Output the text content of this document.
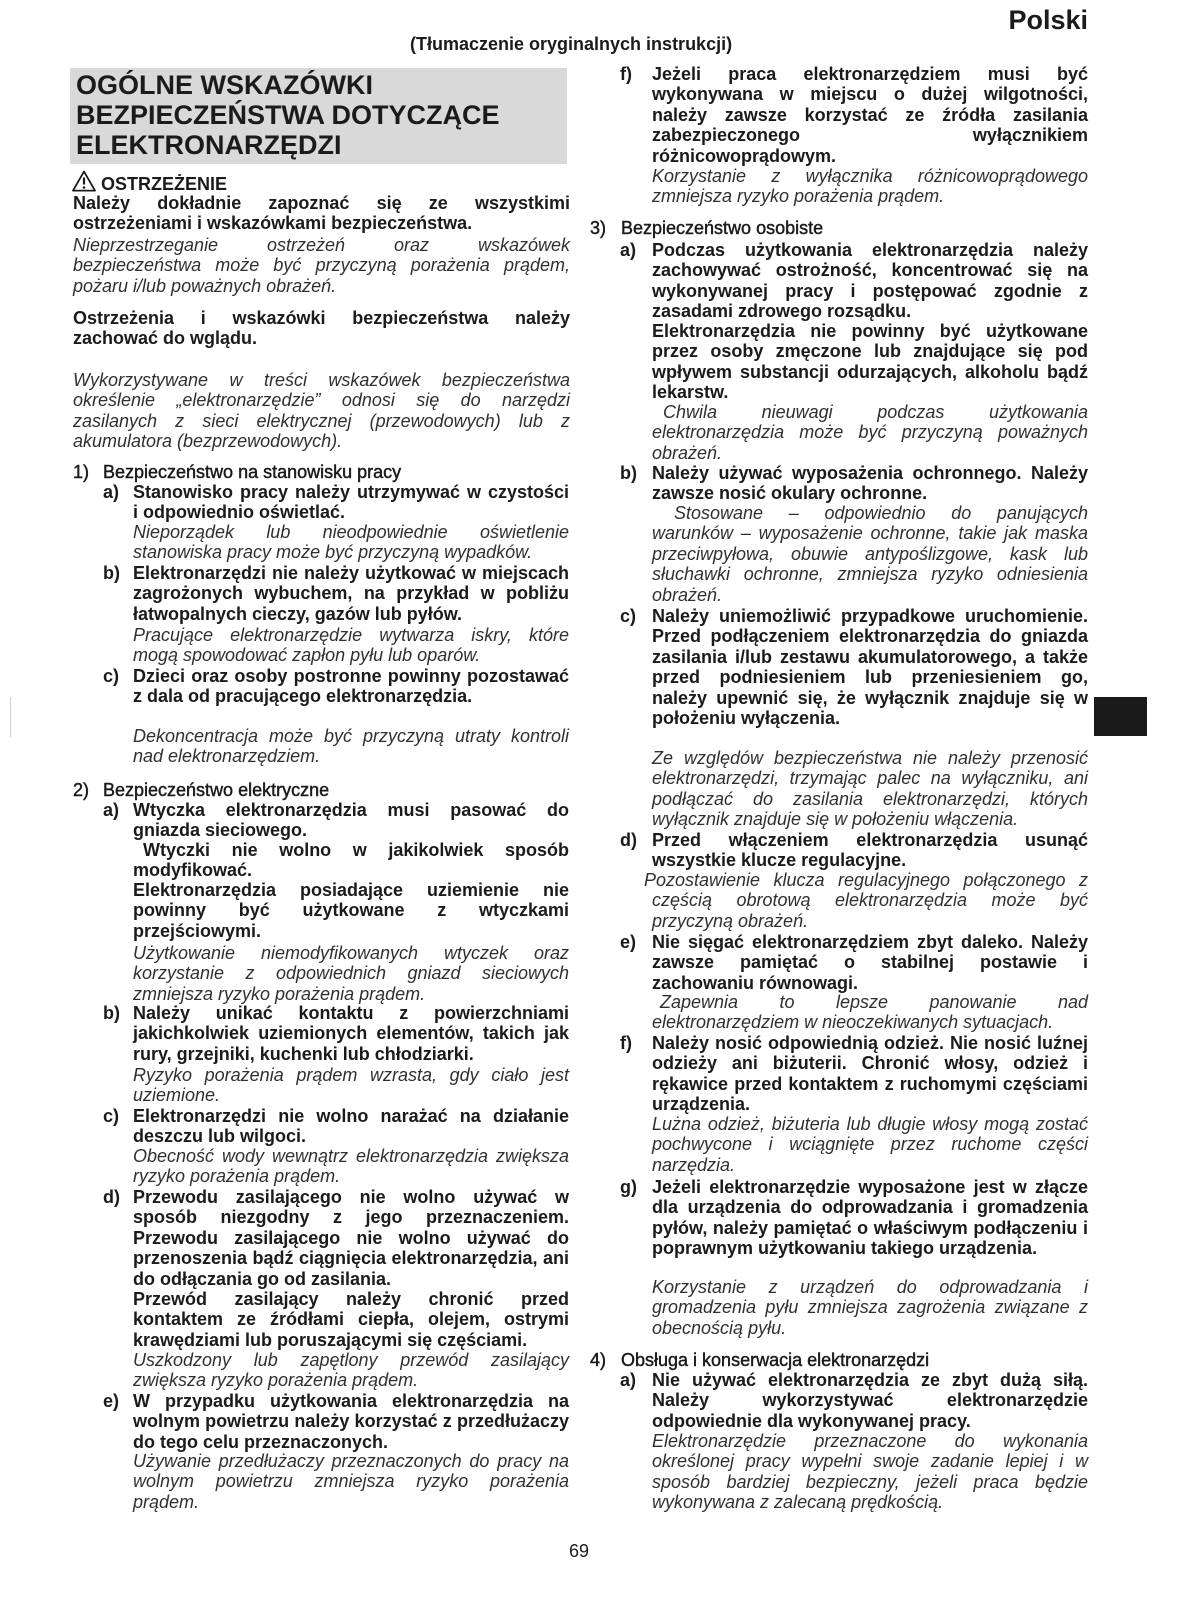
Polski
(Tłumaczenie oryginalnych instrukcji)
OGÓLNE WSKAZÓWKI BEZPIECZEŃSTWA DOTYCZĄCE ELEKTRONARZĘDZI
OSTRZEŻENIE
Należy dokładnie zapoznać się ze wszystkimi ostrzeżeniami i wskazówkami bezpieczeństwa.
Nieprzestrzeganie ostrzeżeń oraz wskazówek bezpieczeństwa może być przyczyną porażenia prądem, pożaru i/lub poważnych obrażeń.
Ostrzeżenia i wskazówki bezpieczeństwa należy zachować do wglądu.
Wykorzystywane w treści wskazówek bezpieczeństwa określenie „elektronarzędzie” odnosi się do narzędzi zasilanych z sieci elektrycznej (przewodowych) lub z akumulatora (bezprzewodowych).
1) Bezpieczeństwo na stanowisku pracy
a) Stanowisko pracy należy utrzymywać w czystości i odpowiednio oświetlać.
Nieporządek lub nieodpowiednie oświetlenie stanowiska pracy może być przyczyną wypadków.
b) Elektronarzędzi nie należy użytkować w miejscach zagrożonych wybuchem, na przykład w pobliżu łatwopalnych cieczy, gazów lub pyłów.
Pracujące elektronarzędzie wytwarza iskry, które mogą spowodować zapłon pyłu lub oparów.
c) Dzieci oraz osoby postronne powinny pozostawać z dala od pracującego elektronarzędzia.
Dekoncentracja może być przyczyną utraty kontroli nad elektronarzędziem.
2) Bezpieczeństwo elektryczne
a) Wtyczka elektronarzędzia musi pasować do gniazda sieciowego.
Wtyczki nie wolno w jakikolwiek sposób modyfikować.
Elektronarzędzia posiadające uziemienie nie powinny być użytkowane z wtyczkami przejściowymi.
Użytkowanie niemodyfikowanych wtyczek oraz korzystanie z odpowiednich gniazd sieciowych zmniejsza ryzyko porażenia prądem.
b) Należy unikać kontaktu z powierzchniami jakichkolwiek uziemionych elementów, takich jak rury, grzejniki, kuchenki lub chłodziarki.
Ryzyko porażenia prądem wzrasta, gdy ciało jest uziemione.
c) Elektronarzędzi nie wolno narażać na działanie deszczu lub wilgoci.
Obecność wody wewnątrz elektronarzędzia zwiększa ryzyko porażenia prądem.
d) Przewodu zasilającego nie wolno używać w sposób niezgodny z jego przeznaczeniem. Przewodu zasilającego nie wolno używać do przenoszenia bądź ciągnięcia elektronarzędzia, ani do odłączania go od zasilania.
Przewód zasilający należy chronić przed kontaktem ze źródłami ciepła, olejem, ostrymi krawędziami lub poruszającymi się częściami.
Uszkodzony lub zapętlony przewód zasilający zwiększa ryzyko porażenia prądem.
e) W przypadku użytkowania elektronarzędzia na wolnym powietrzu należy korzystać z przedłużaczy do tego celu przeznaczonych.
Używanie przedłużaczy przeznaczonych do pracy na wolnym powietrzu zmniejsza ryzyko porażenia prądem.
f) Jeżeli praca elektronarzędziem musi być wykonywana w miejscu o dużej wilgotności, należy zawsze korzystać ze źródła zasilania zabezpieczonego wyłącznikiem różnicowoprądowym.
Korzystanie z wyłącznika różnicowoprądowego zmniejsza ryzyko porażenia prądem.
3) Bezpieczeństwo osobiste
a) Podczas użytkowania elektronarzędzia należy zachowywać ostrożność, koncentrować się na wykonywanej pracy i postępować zgodnie z zasadami zdrowego rozsądku.
Elektronarzędzia nie powinny być użytkowane przez osoby zmęczone lub znajdujące się pod wpływem substancji odurzających, alkoholu bądź lekarstw.
Chwila nieuwagi podczas użytkowania elektronarzędzia może być przyczyną poważnych obrażeń.
b) Należy używać wyposażenia ochronnego. Należy zawsze nosić okulary ochronne.
Stosowane – odpowiednio do panujących warunków – wyposażenie ochronne, takie jak maska przeciwpyłowa, obuwie antypoślizgowe, kask lub słuchawki ochronne, zmniejsza ryzyko odniesienia obrażeń.
c) Należy uniemożliwić przypadkowe uruchomienie. Przed podłączeniem elektronarzędzia do gniazda zasilania i/lub zestawu akumulatorowego, a także przed podniesieniem lub przeniesieniem go, należy upewnić się, że wyłącznik znajduje się w położeniu wyłączenia.
Ze względów bezpieczeństwa nie należy przenosić elektronarzędzi, trzymając palec na wyłączniku, ani podłączać do zasilania elektronarzędzi, których wyłącznik znajduje się w położeniu włączenia.
d) Przed włączeniem elektronarzędzia usunąć wszystkie klucze regulacyjne.
Pozostawienie klucza regulacyjnego połączonego z częścią obrotową elektronarzędzia może być przyczyną obrażeń.
e) Nie sięgać elektronarzędziem zbyt daleko. Należy zawsze pamiętać o stabilnej postawie i zachowaniu równowagi.
Zapewnia to lepsze panowanie nad elektronarzędziem w nieoczekiwanych sytuacjach.
f) Należy nosić odpowiednią odzież. Nie nosić luźnej odzieży ani biżuterii. Chronić włosy, odzież i rękawice przed kontaktem z ruchomymi częściami urządzenia.
Lużna odzież, biżuteria lub długie włosy mogą zostać pochwycone i wciągnięte przez ruchome części narzędzia.
g) Jeżeli elektronarzędzie wyposażone jest w złącze dla urządzenia do odprowadzania i gromadzenia pyłów, należy pamiętać o właściwym podłączeniu i poprawnym użytkowaniu takiego urządzenia.
Korzystanie z urządzeń do odprowadzania i gromadzenia pyłu zmniejsza zagrożenia związane z obecnością pyłu.
4) Obsługa i konserwacja elektronarzędzi
a) Nie używać elektronarzędzia ze zbyt dużą siłą. Należy wykorzystywać elektronarzędzie odpowiednie dla wykonywanej pracy.
Elektronarzędzie przeznaczone do wykonania określonej pracy wypełni swoje zadanie lepiej i w sposób bardziej bezpieczny, jeżeli praca będzie wykonywana z zalecaną prędkością.
69
